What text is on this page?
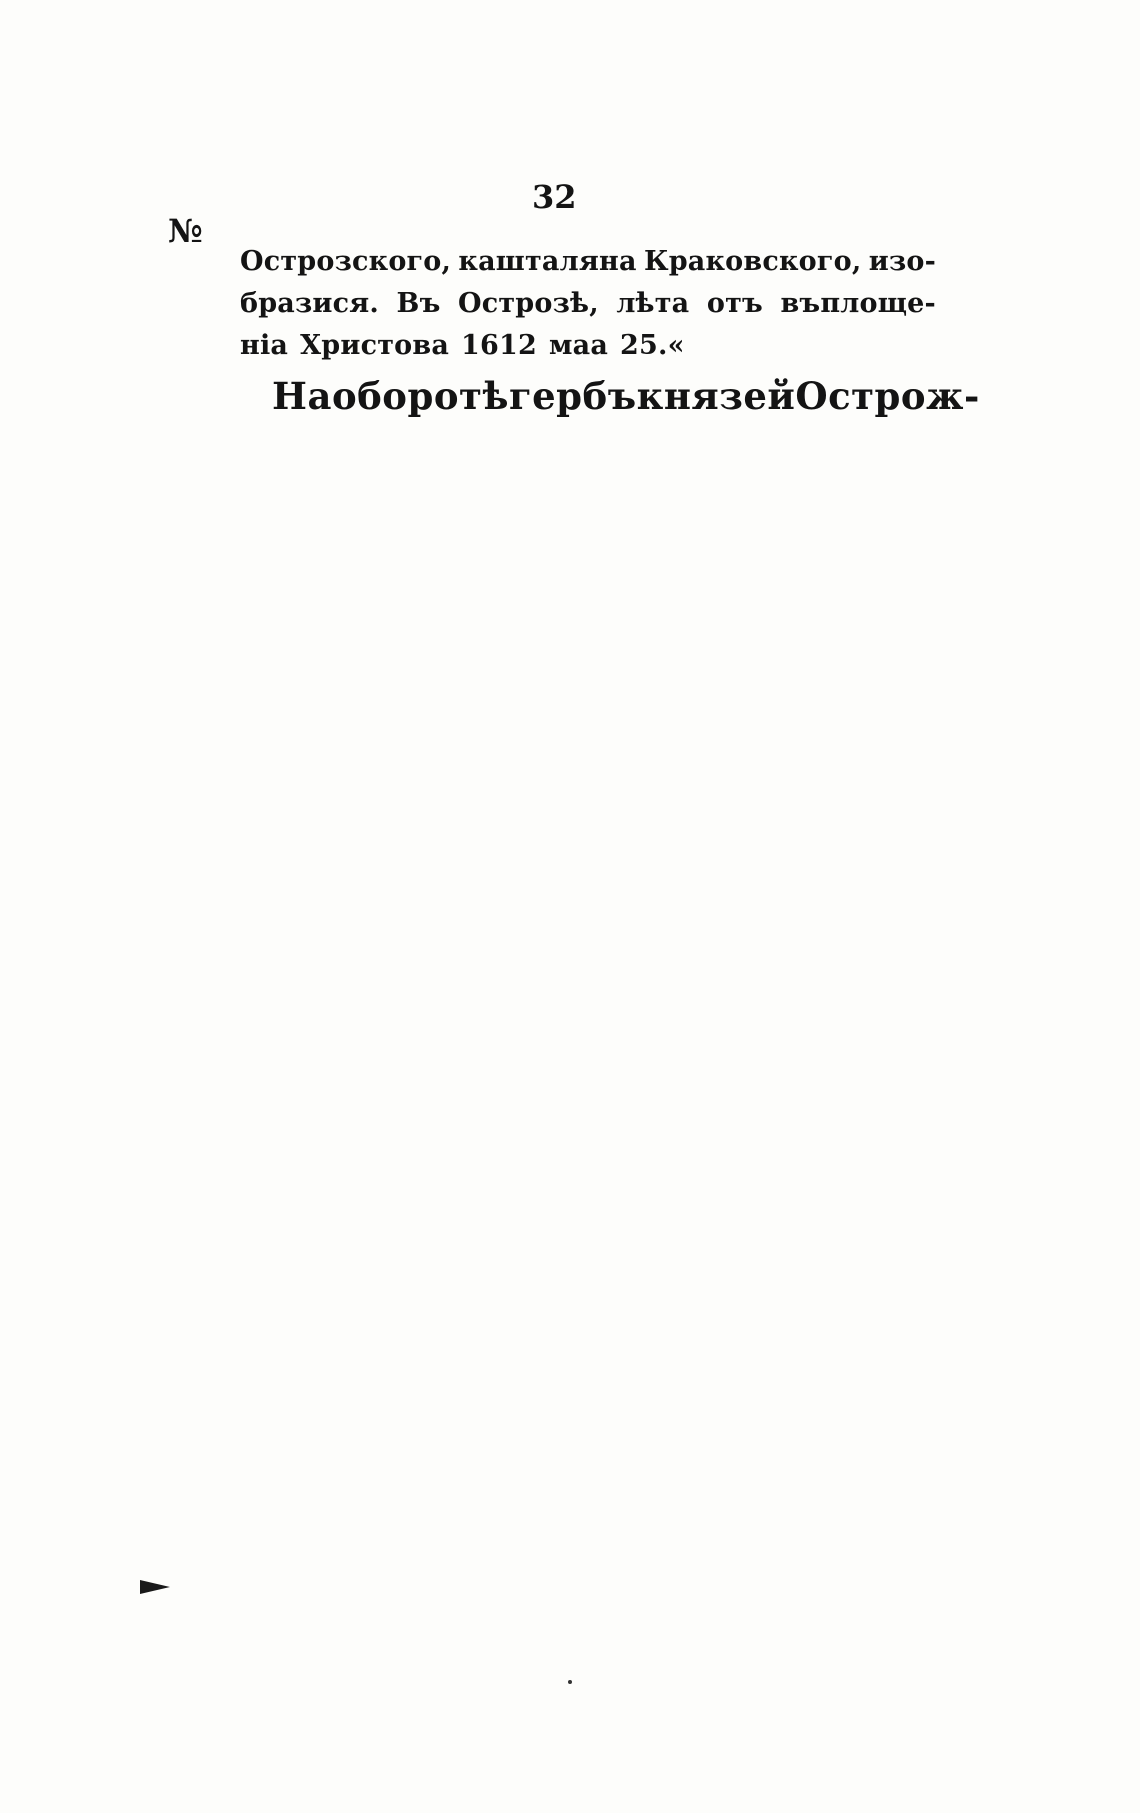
32
№
Острозского, кашталяна Краковского, изо-
бразися. Въ Острозѣ, лѣта отъ въплоще-
ніа Христова 1612 маа 25.«
На оборотѣ гербъ князей Острож-
